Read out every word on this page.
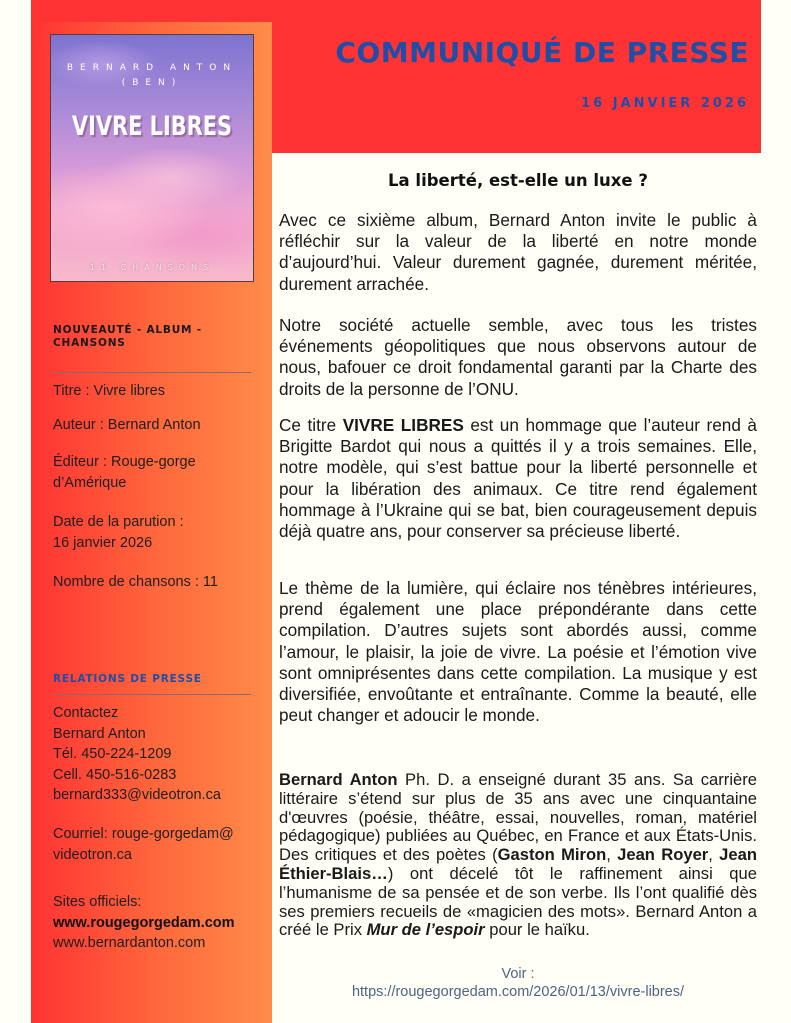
COMMUNIQUÉ DE PRESSE
16 JANVIER 2026
BERNARD ANTON
(BEN)
VIVRE LIBRES
11 CHANSONS
NOUVEAUTÉ - ALBUM - CHANSONS
Titre : Vivre libres
Auteur : Bernard Anton
Éditeur : Rouge-gorge
d’Amérique
Date de la parution :
16 janvier 2026
Nombre de chansons : 11
RELATIONS DE PRESSE
Contactez
Bernard Anton
Tél. 450-224-1209
Cell. 450-516-0283
bernard333@videotron.ca
Courriel: rouge-gorgedam@
videotron.ca
Sites officiels:
www.rougegorgedam.com
www.bernardanton.com
La liberté, est-elle un luxe ?
Avec ce sixième album, Bernard Anton invite le public à réfléchir sur la valeur de la liberté en notre monde d’aujourd’hui. Valeur durement gagnée, durement méritée, durement arrachée.
Notre société actuelle semble, avec tous les tristes événements géopolitiques que nous observons autour de nous, bafouer ce droit fondamental garanti par la Charte des droits de la personne de l’ONU.
Ce titre VIVRE LIBRES est un hommage que l’auteur rend à Brigitte Bardot qui nous a quittés il y a trois semaines. Elle, notre modèle, qui s’est battue pour la liberté personnelle et pour la libération des animaux. Ce titre rend également hommage à l’Ukraine qui se bat, bien courageusement depuis déjà quatre ans, pour conserver sa précieuse liberté.
Le thème de la lumière, qui éclaire nos ténèbres intérieures, prend également une place prépondérante dans cette compilation. D’autres sujets sont abordés aussi, comme l’amour, le plaisir, la joie de vivre. La poésie et l’émotion vive sont omniprésentes dans cette compilation. La musique y est diversifiée, envoûtante et entraînante. Comme la beauté, elle peut changer et adoucir le monde.
Bernard Anton Ph. D. a enseigné durant 35 ans. Sa carrière littéraire s’étend sur plus de 35 ans avec une cinquantaine d'œuvres (poésie, théâtre, essai, nouvelles, roman, matériel pédagogique) publiées au Québec, en France et aux États-Unis. Des critiques et des poètes (Gaston Miron, Jean Royer, Jean Éthier-Blais…) ont décelé tôt le raffinement ainsi que l’humanisme de sa pensée et de son verbe. Ils l’ont qualifié dès ses premiers recueils de «magicien des mots». Bernard Anton a créé le Prix Mur de l’espoir pour le haïku.
Voir :
https://rougegorgedam.com/2026/01/13/vivre-libres/
